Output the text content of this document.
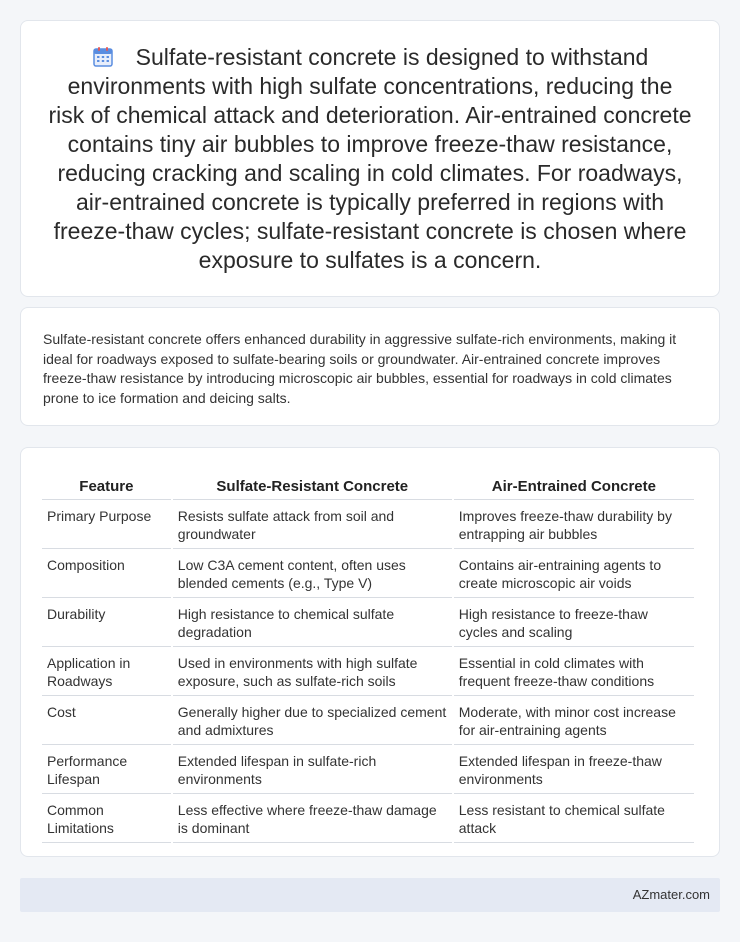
Sulfate-resistant concrete is designed to withstand environments with high sulfate concentrations, reducing the risk of chemical attack and deterioration. Air-entrained concrete contains tiny air bubbles to improve freeze-thaw resistance, reducing cracking and scaling in cold climates. For roadways, air-entrained concrete is typically preferred in regions with freeze-thaw cycles; sulfate-resistant concrete is chosen where exposure to sulfates is a concern.

Sulfate-resistant concrete offers enhanced durability in aggressive sulfate-rich environments, making it ideal for roadways exposed to sulfate-bearing soils or groundwater. Air-entrained concrete improves freeze-thaw resistance by introducing microscopic air bubbles, essential for roadways in cold climates prone to ice formation and deicing salts.

Feature	Sulfate-Resistant Concrete	Air-Entrained Concrete
Primary Purpose	Resists sulfate attack from soil and groundwater	Improves freeze-thaw durability by entrapping air bubbles
Composition	Low C3A cement content, often uses blended cements (e.g., Type V)	Contains air-entraining agents to create microscopic air voids
Durability	High resistance to chemical sulfate degradation	High resistance to freeze-thaw cycles and scaling
Application in Roadways	Used in environments with high sulfate exposure, such as sulfate-rich soils	Essential in cold climates with frequent freeze-thaw conditions
Cost	Generally higher due to specialized cement and admixtures	Moderate, with minor cost increase for air-entraining agents
Performance Lifespan	Extended lifespan in sulfate-rich environments	Extended lifespan in freeze-thaw environments
Common Limitations	Less effective where freeze-thaw damage is dominant	Less resistant to chemical sulfate attack
AZmater.com
